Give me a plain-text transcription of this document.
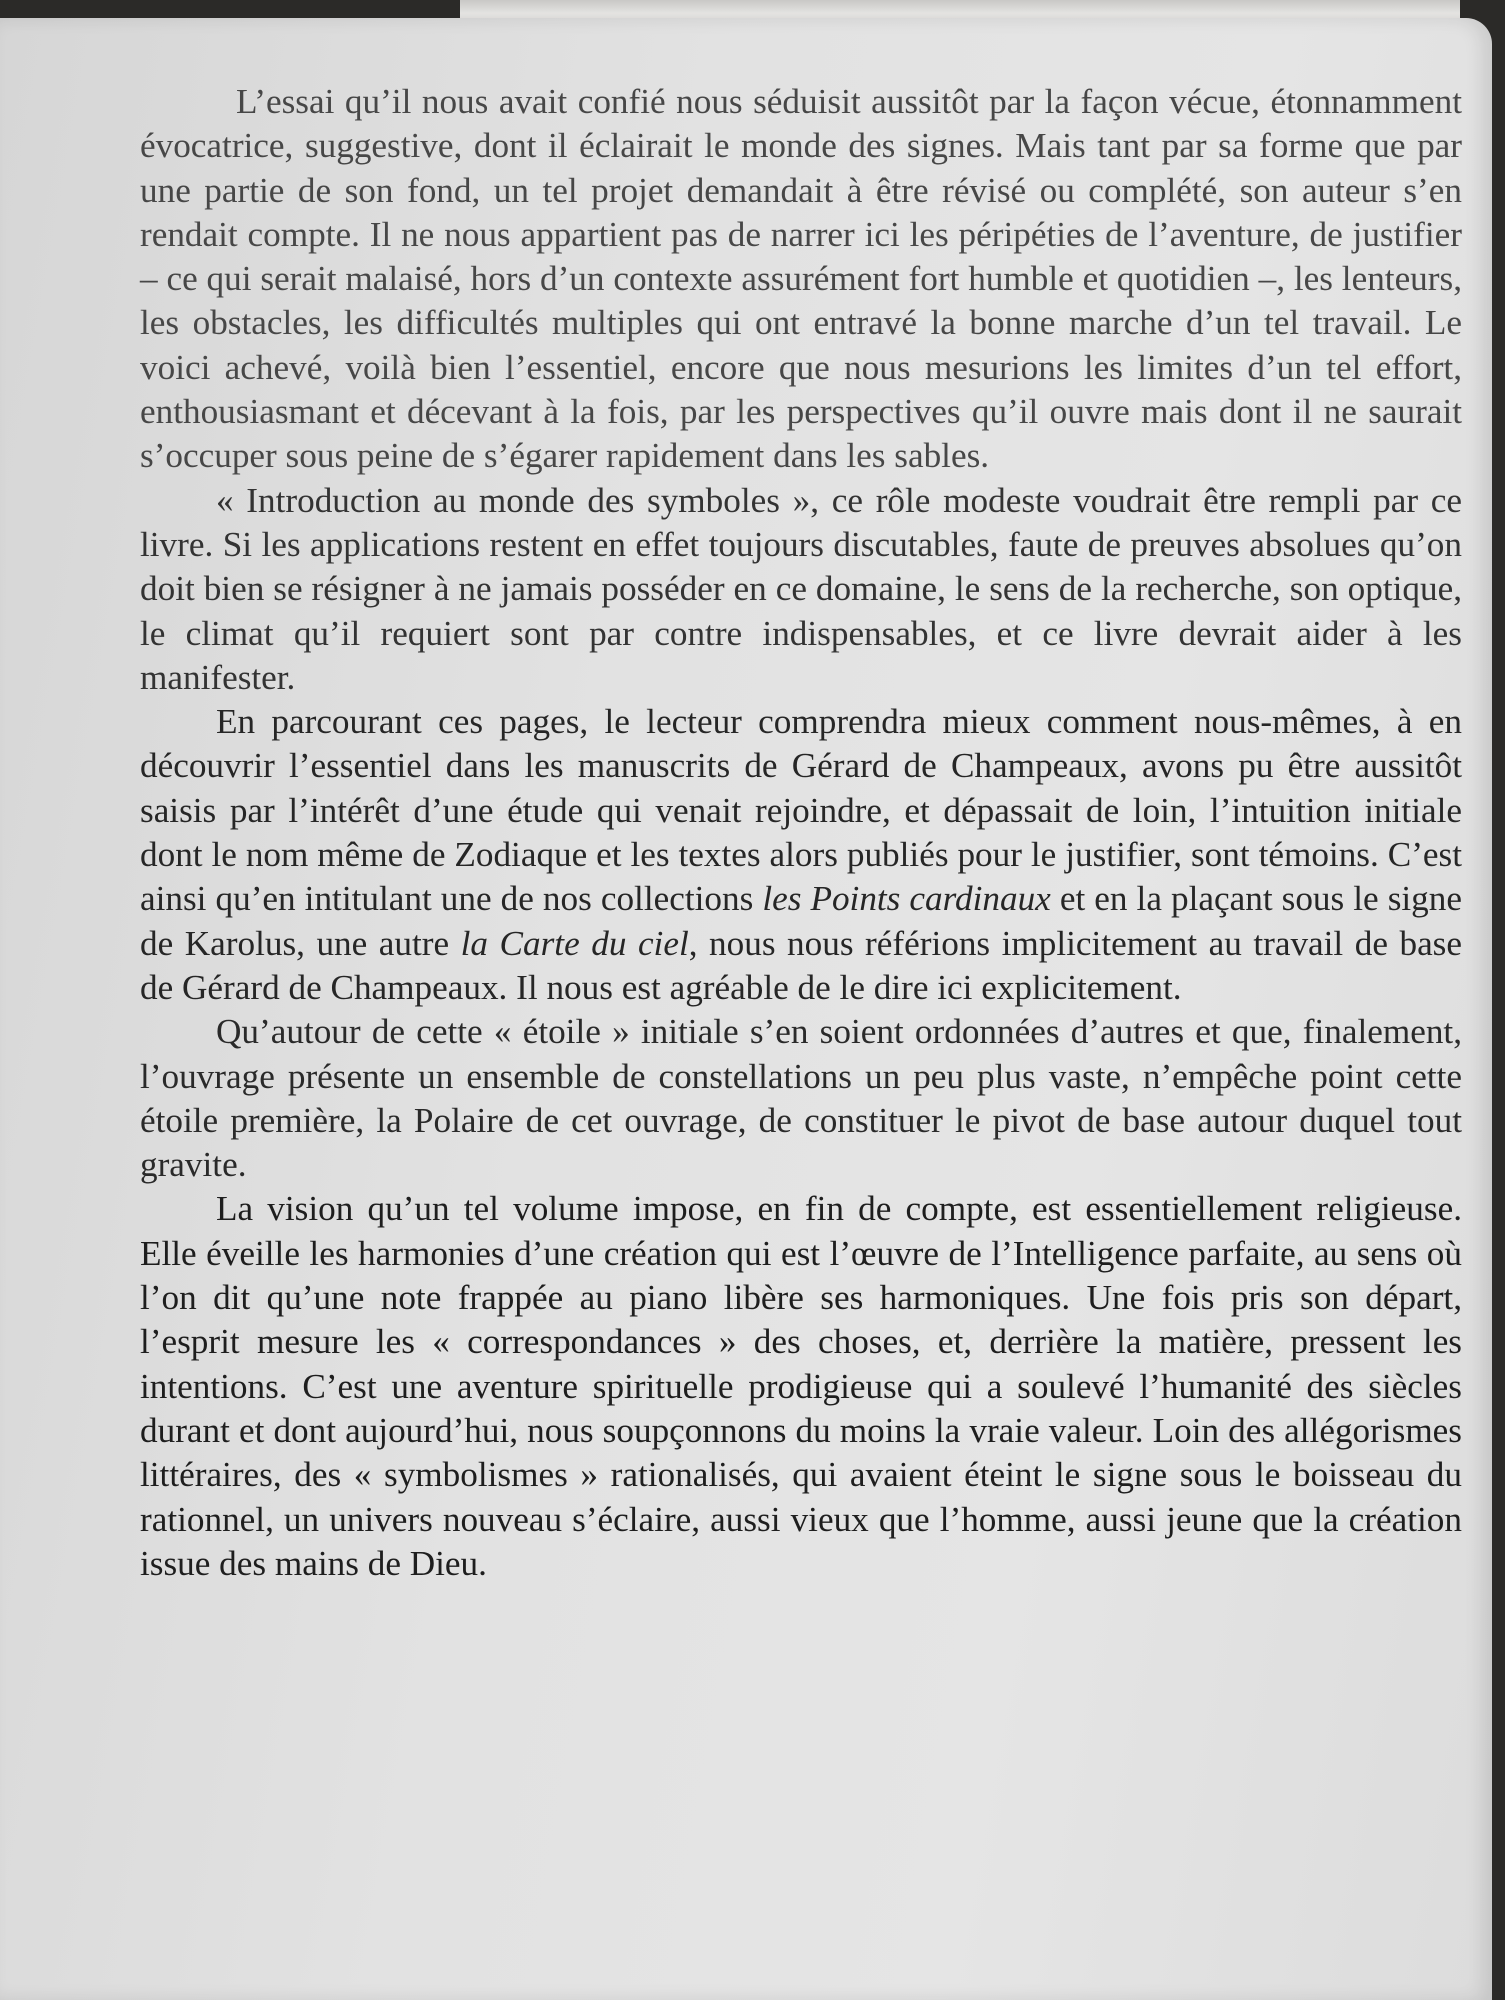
L’essai qu’il nous avait confié nous séduisit aussitôt par la façon vécue, étonnamment évocatrice, suggestive, dont il éclairait le monde des signes. Mais tant par sa forme que par une partie de son fond, un tel projet demandait à être révisé ou complété, son auteur s’en rendait compte. Il ne nous appartient pas de narrer ici les péripéties de l’aventure, de justifier – ce qui serait malaisé, hors d’un contexte assurément fort humble et quotidien –, les lenteurs, les obstacles, les difficultés multiples qui ont entravé la bonne marche d’un tel travail. Le voici achevé, voilà bien l’essentiel, encore que nous mesurions les limites d’un tel effort, enthousiasmant et décevant à la fois, par les perspectives qu’il ouvre mais dont il ne saurait s’occuper sous peine de s’égarer rapidement dans les sables.

« Introduction au monde des symboles », ce rôle modeste voudrait être rempli par ce livre. Si les applications restent en effet toujours discutables, faute de preuves absolues qu’on doit bien se résigner à ne jamais posséder en ce domaine, le sens de la recherche, son optique, le climat qu’il requiert sont par contre indispensables, et ce livre devrait aider à les manifester.

En parcourant ces pages, le lecteur comprendra mieux comment nous-mêmes, à en découvrir l’essentiel dans les manuscrits de Gérard de Champeaux, avons pu être aussitôt saisis par l’intérêt d’une étude qui venait rejoindre, et dépassait de loin, l’intuition initiale dont le nom même de Zodiaque et les textes alors publiés pour le justifier, sont témoins. C’est ainsi qu’en intitulant une de nos collections les Points cardinaux et en la plaçant sous le signe de Karolus, une autre la Carte du ciel, nous nous référions implicitement au travail de base de Gérard de Champeaux. Il nous est agréable de le dire ici explicitement.

Qu’autour de cette « étoile » initiale s’en soient ordonnées d’autres et que, finalement, l’ouvrage présente un ensemble de constellations un peu plus vaste, n’empêche point cette étoile première, la Polaire de cet ouvrage, de constituer le pivot de base autour duquel tout gravite.

La vision qu’un tel volume impose, en fin de compte, est essentiellement religieuse. Elle éveille les harmonies d’une création qui est l’œuvre de l’Intelligence parfaite, au sens où l’on dit qu’une note frappée au piano libère ses harmoniques. Une fois pris son départ, l’esprit mesure les « correspondances » des choses, et, derrière la matière, pressent les intentions. C’est une aventure spirituelle prodigieuse qui a soulevé l’humanité des siècles durant et dont aujourd’hui, nous soupçonnons du moins la vraie valeur. Loin des allégorismes littéraires, des « symbolismes » rationalisés, qui avaient éteint le signe sous le boisseau du rationnel, un univers nouveau s’éclaire, aussi vieux que l’homme, aussi jeune que la création issue des mains de Dieu.
